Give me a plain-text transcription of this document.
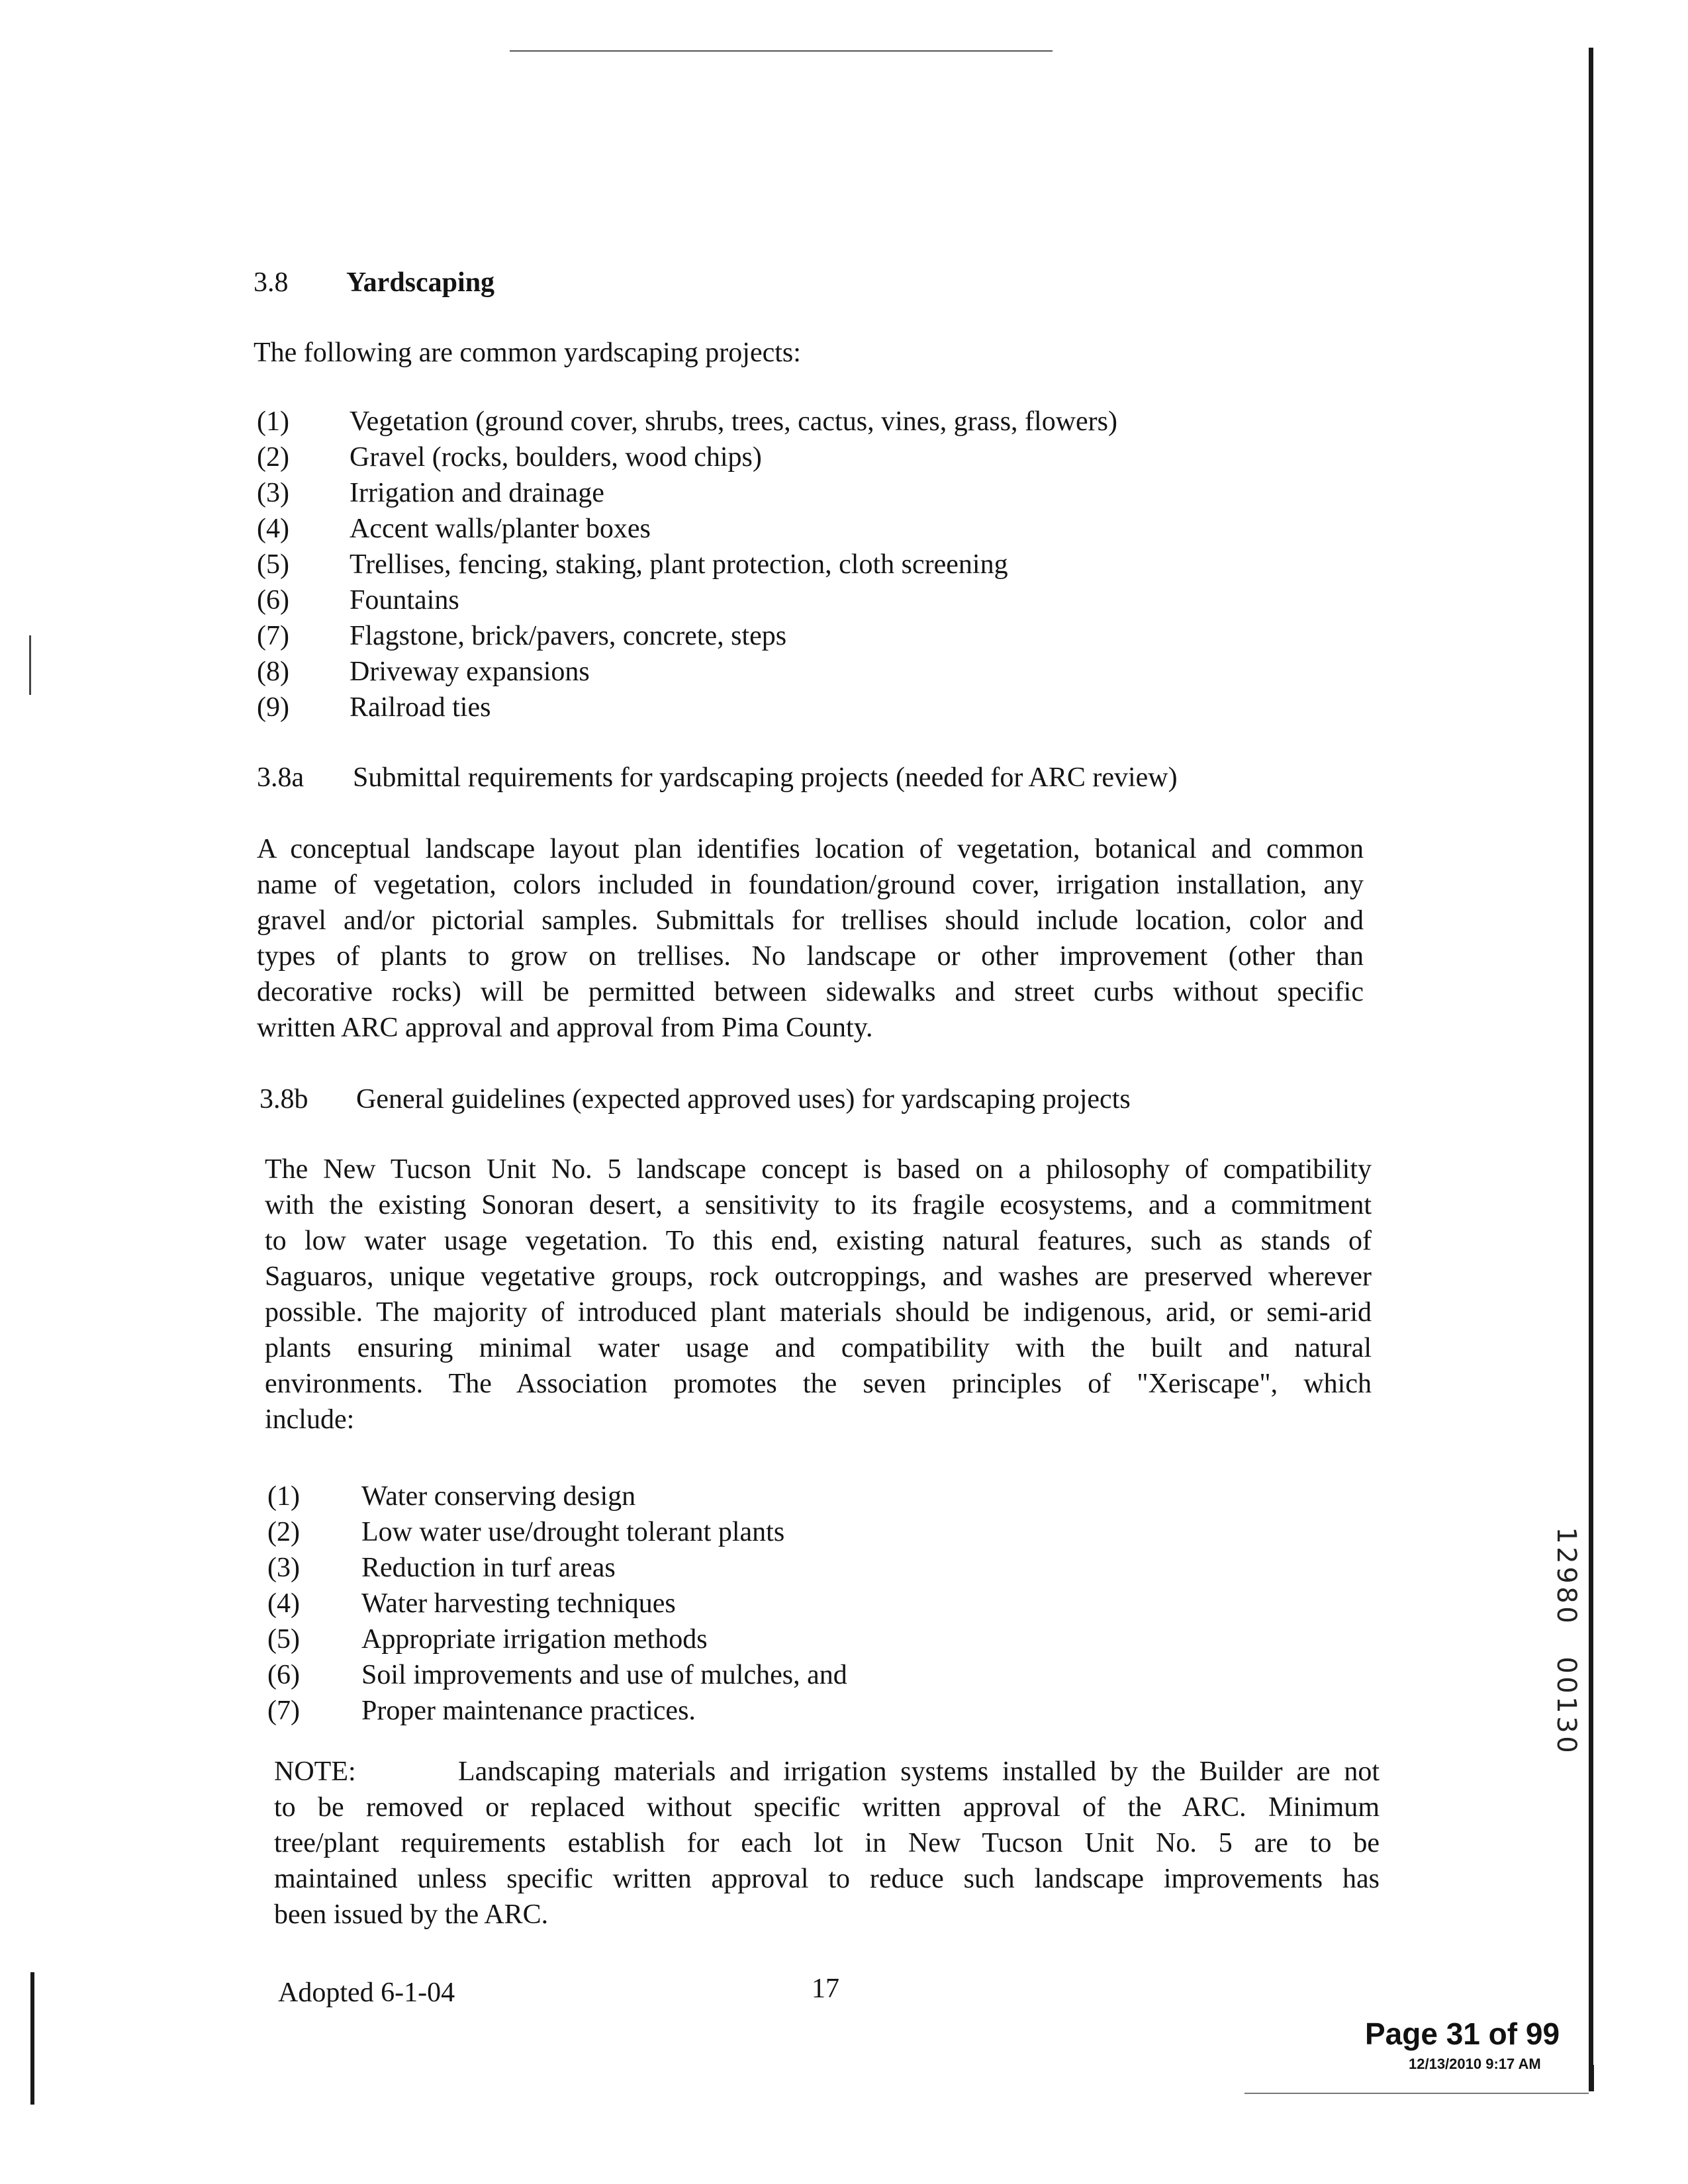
3.8 Yardscaping
The following are common yardscaping projects:
(1) Vegetation (ground cover, shrubs, trees, cactus, vines, grass, flowers)
(2) Gravel (rocks, boulders, wood chips)
(3) Irrigation and drainage
(4) Accent walls/planter boxes
(5) Trellises, fencing, staking, plant protection, cloth screening
(6) Fountains
(7) Flagstone, brick/pavers, concrete, steps
(8) Driveway expansions
(9) Railroad ties
3.8a Submittal requirements for yardscaping projects (needed for ARC review)
A conceptual landscape layout plan identifies location of vegetation, botanical and common
name of vegetation, colors included in foundation/ground cover, irrigation installation, any
gravel and/or pictorial samples. Submittals for trellises should include location, color and
types of plants to grow on trellises. No landscape or other improvement (other than
decorative rocks) will be permitted between sidewalks and street curbs without specific
written ARC approval and approval from Pima County.
3.8b General guidelines (expected approved uses) for yardscaping projects
The New Tucson Unit No. 5 landscape concept is based on a philosophy of compatibility
with the existing Sonoran desert, a sensitivity to its fragile ecosystems, and a commitment
to low water usage vegetation. To this end, existing natural features, such as stands of
Saguaros, unique vegetative groups, rock outcroppings, and washes are preserved wherever
possible. The majority of introduced plant materials should be indigenous, arid, or semi-arid
plants ensuring minimal water usage and compatibility with the built and natural
environments. The Association promotes the seven principles of "Xeriscape", which
include:
(1) Water conserving design
(2) Low water use/drought tolerant plants
(3) Reduction in turf areas
(4) Water harvesting techniques
(5) Appropriate irrigation methods
(6) Soil improvements and use of mulches, and
(7) Proper maintenance practices.
NOTE:	Landscaping materials and irrigation systems installed by the Builder are not
to be removed or replaced without specific written approval of the ARC. Minimum
tree/plant requirements establish for each lot in New Tucson Unit No. 5 are to be
maintained unless specific written approval to reduce such landscape improvements has
been issued by the ARC.
Adopted 6-1-04	17
Page 31 of 99
12/13/2010 9:17 AM
1
2
9
8
0
0
0
1
3
0
